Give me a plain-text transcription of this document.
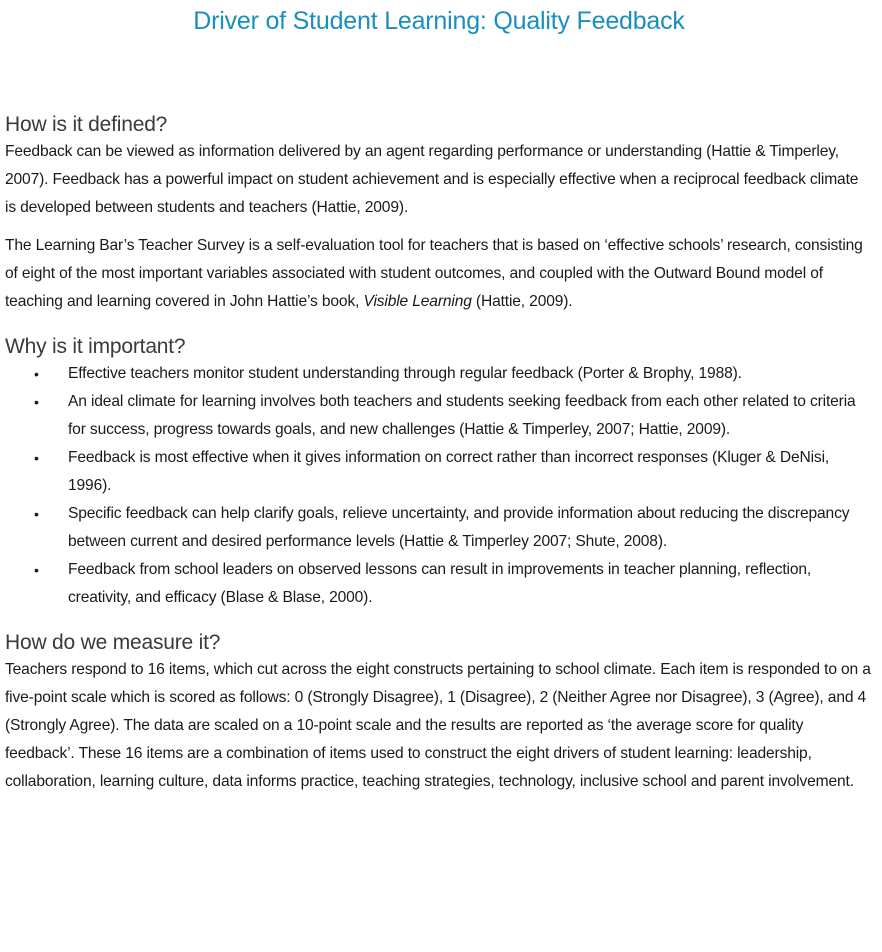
Driver of Student Learning: Quality Feedback
How is it defined?

Feedback can be viewed as information delivered by an agent regarding performance or understanding (Hattie & Timperley, 2007). Feedback has a powerful impact on student achievement and is especially effective when a reciprocal feedback climate is developed between students and teachers (Hattie, 2009).

The Learning Bar’s Teacher Survey is a self-evaluation tool for teachers that is based on ‘effective schools’ research, consisting of eight of the most important variables associated with student outcomes, and coupled with the Outward Bound model of teaching and learning covered in John Hattie’s book, Visible Learning (Hattie, 2009).

Why is it important?
• Effective teachers monitor student understanding through regular feedback (Porter & Brophy, 1988).
• An ideal climate for learning involves both teachers and students seeking feedback from each other related to criteria for success, progress towards goals, and new challenges (Hattie & Timperley, 2007; Hattie, 2009).
• Feedback is most effective when it gives information on correct rather than incorrect responses (Kluger & DeNisi, 1996).
• Specific feedback can help clarify goals, relieve uncertainty, and provide information about reducing the discrepancy between current and desired performance levels (Hattie & Timperley 2007; Shute, 2008).
• Feedback from school leaders on observed lessons can result in improvements in teacher planning, reflection, creativity, and efficacy (Blase & Blase, 2000).
How do we measure it?

Teachers respond to 16 items, which cut across the eight constructs pertaining to school climate. Each item is responded to on a five-point scale which is scored as follows: 0 (Strongly Disagree), 1 (Disagree), 2 (Neither Agree nor Disagree), 3 (Agree), and 4 (Strongly Agree). The data are scaled on a 10-point scale and the results are reported as ‘the average score for quality feedback’. These 16 items are a combination of items used to construct the eight drivers of student learning: leadership, collaboration, learning culture, data informs practice, teaching strategies, technology, inclusive school and parent involvement.
